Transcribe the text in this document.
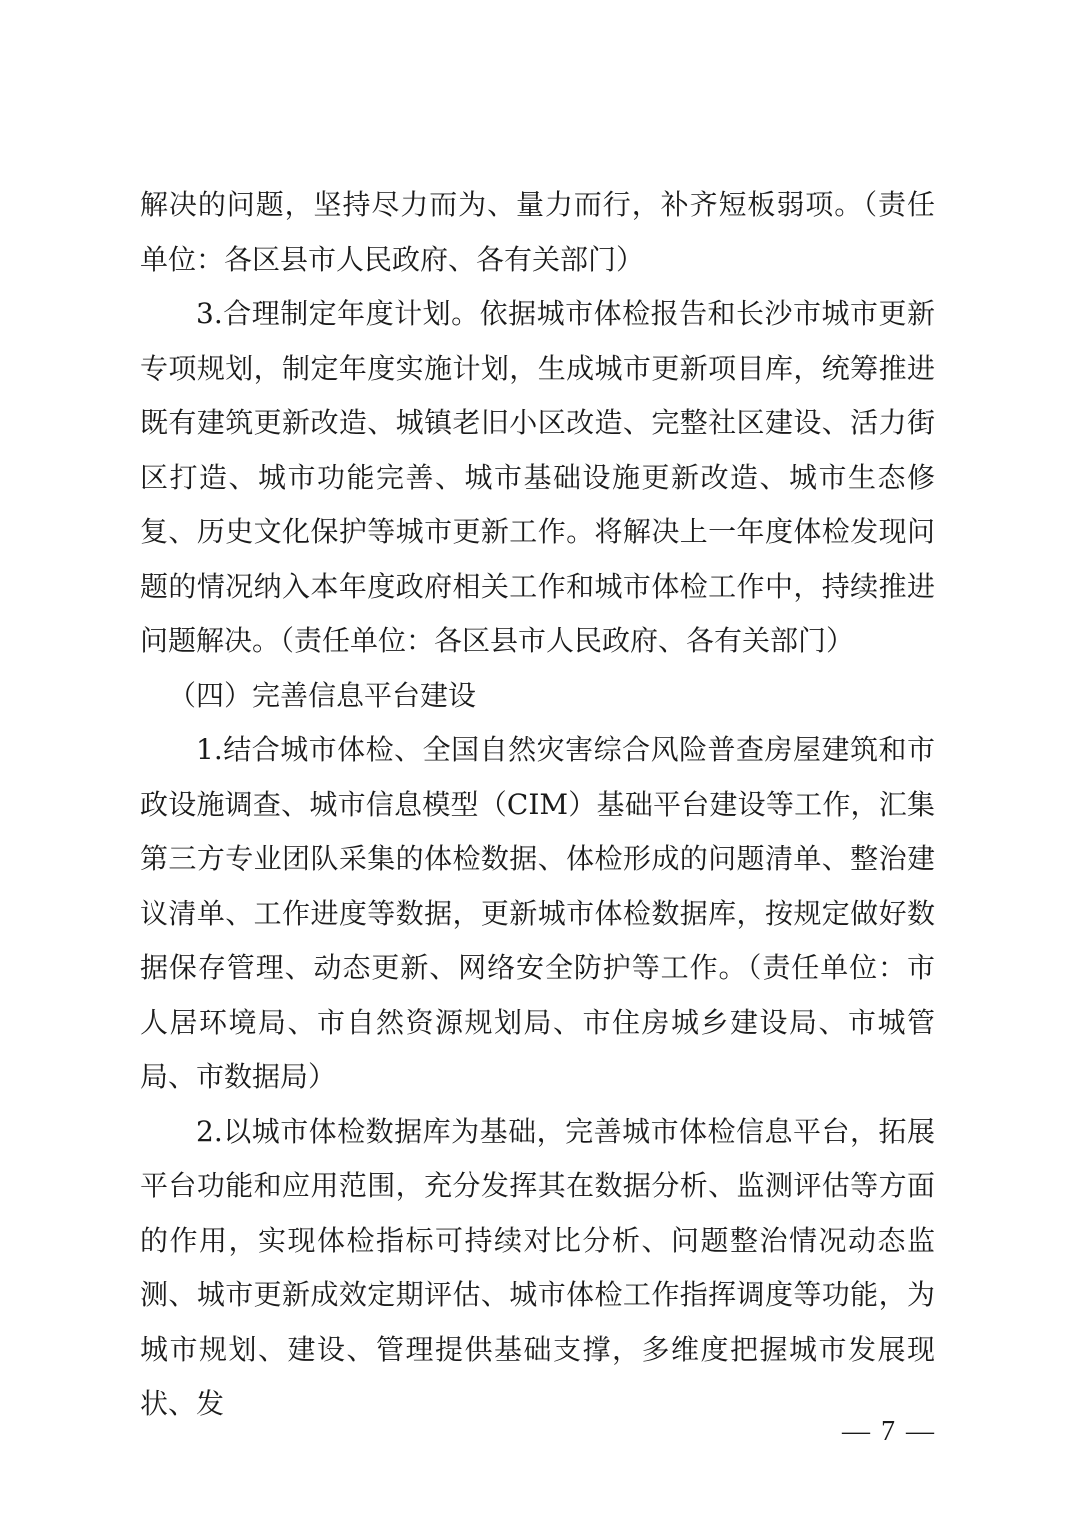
解决的问题，坚持尽力而为、量力而行，补齐短板弱项。（责任单位：各区县市人民政府、各有关部门）

3.合理制定年度计划。依据城市体检报告和长沙市城市更新专项规划，制定年度实施计划，生成城市更新项目库，统筹推进既有建筑更新改造、城镇老旧小区改造、完整社区建设、活力街区打造、城市功能完善、城市基础设施更新改造、城市生态修复、历史文化保护等城市更新工作。将解决上一年度体检发现问题的情况纳入本年度政府相关工作和城市体检工作中，持续推进问题解决。（责任单位：各区县市人民政府、各有关部门）

（四）完善信息平台建设

1.结合城市体检、全国自然灾害综合风险普查房屋建筑和市政设施调查、城市信息模型（CIM）基础平台建设等工作，汇集第三方专业团队采集的体检数据、体检形成的问题清单、整治建议清单、工作进度等数据，更新城市体检数据库，按规定做好数据保存管理、动态更新、网络安全防护等工作。（责任单位：市人居环境局、市自然资源规划局、市住房城乡建设局、市城管局、市数据局）

2.以城市体检数据库为基础，完善城市体检信息平台，拓展平台功能和应用范围，充分发挥其在数据分析、监测评估等方面的作用，实现体检指标可持续对比分析、问题整治情况动态监测、城市更新成效定期评估、城市体检工作指挥调度等功能，为城市规划、建设、管理提供基础支撑，多维度把握城市发展现状、发

— 7 —
